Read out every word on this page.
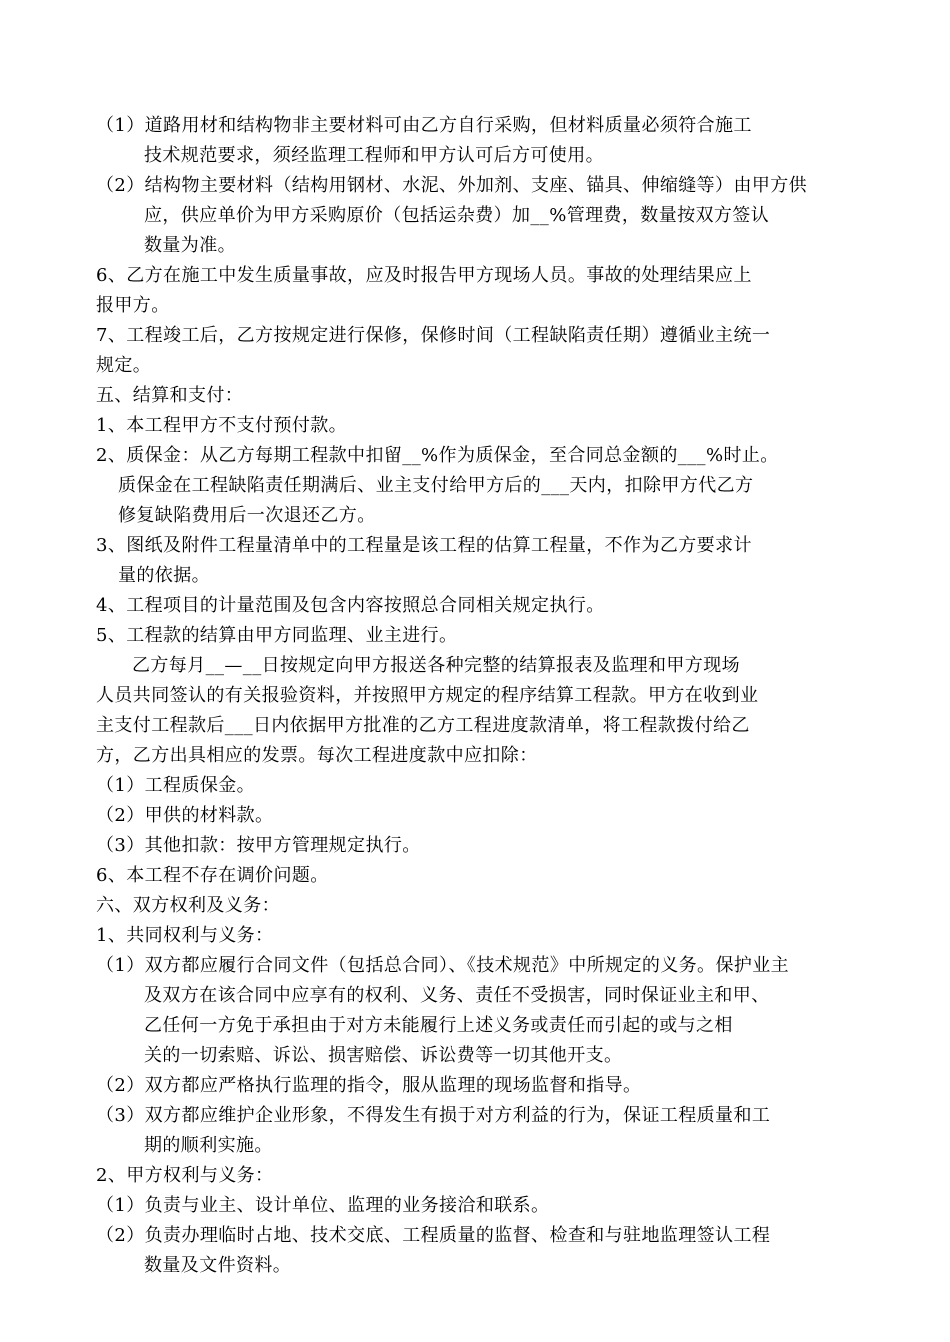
（1）道路用材和结构物非主要材料可由乙方自行采购，但材料质量必须符合施工
技术规范要求，须经监理工程师和甲方认可后方可使用。
（2）结构物主要材料（结构用钢材、水泥、外加剂、支座、锚具、伸缩缝等）由甲方供
应，供应单价为甲方采购原价（包括运杂费）加__%管理费，数量按双方签认
数量为准。
6、乙方在施工中发生质量事故，应及时报告甲方现场人员。事故的处理结果应上
报甲方。
7、工程竣工后，乙方按规定进行保修，保修时间（工程缺陷责任期）遵循业主统一
规定。
五、结算和支付：
1、本工程甲方不支付预付款。
2、质保金：从乙方每期工程款中扣留__%作为质保金，至合同总金额的___%时止。
质保金在工程缺陷责任期满后、业主支付给甲方后的___天内，扣除甲方代乙方
修复缺陷费用后一次退还乙方。
3、图纸及附件工程量清单中的工程量是该工程的估算工程量，不作为乙方要求计
量的依据。
4、工程项目的计量范围及包含内容按照总合同相关规定执行。
5、工程款的结算由甲方同监理、业主进行。
乙方每月__—__日按规定向甲方报送各种完整的结算报表及监理和甲方现场
人员共同签认的有关报验资料，并按照甲方规定的程序结算工程款。甲方在收到业
主支付工程款后___日内依据甲方批准的乙方工程进度款清单，将工程款拨付给乙
方，乙方出具相应的发票。每次工程进度款中应扣除：
（1）工程质保金。
（2）甲供的材料款。
（3）其他扣款：按甲方管理规定执行。
6、本工程不存在调价问题。
六、双方权利及义务：
1、共同权利与义务：
（1）双方都应履行合同文件（包括总合同）、《技术规范》中所规定的义务。保护业主
及双方在该合同中应享有的权利、义务、责任不受损害，同时保证业主和甲、
乙任何一方免于承担由于对方未能履行上述义务或责任而引起的或与之相
关的一切索赔、诉讼、损害赔偿、诉讼费等一切其他开支。
（2）双方都应严格执行监理的指令，服从监理的现场监督和指导。
（3）双方都应维护企业形象，不得发生有损于对方利益的行为，保证工程质量和工
期的顺利实施。
2、甲方权利与义务：
（1）负责与业主、设计单位、监理的业务接洽和联系。
（2）负责办理临时占地、技术交底、工程质量的监督、检查和与驻地监理签认工程
数量及文件资料。
